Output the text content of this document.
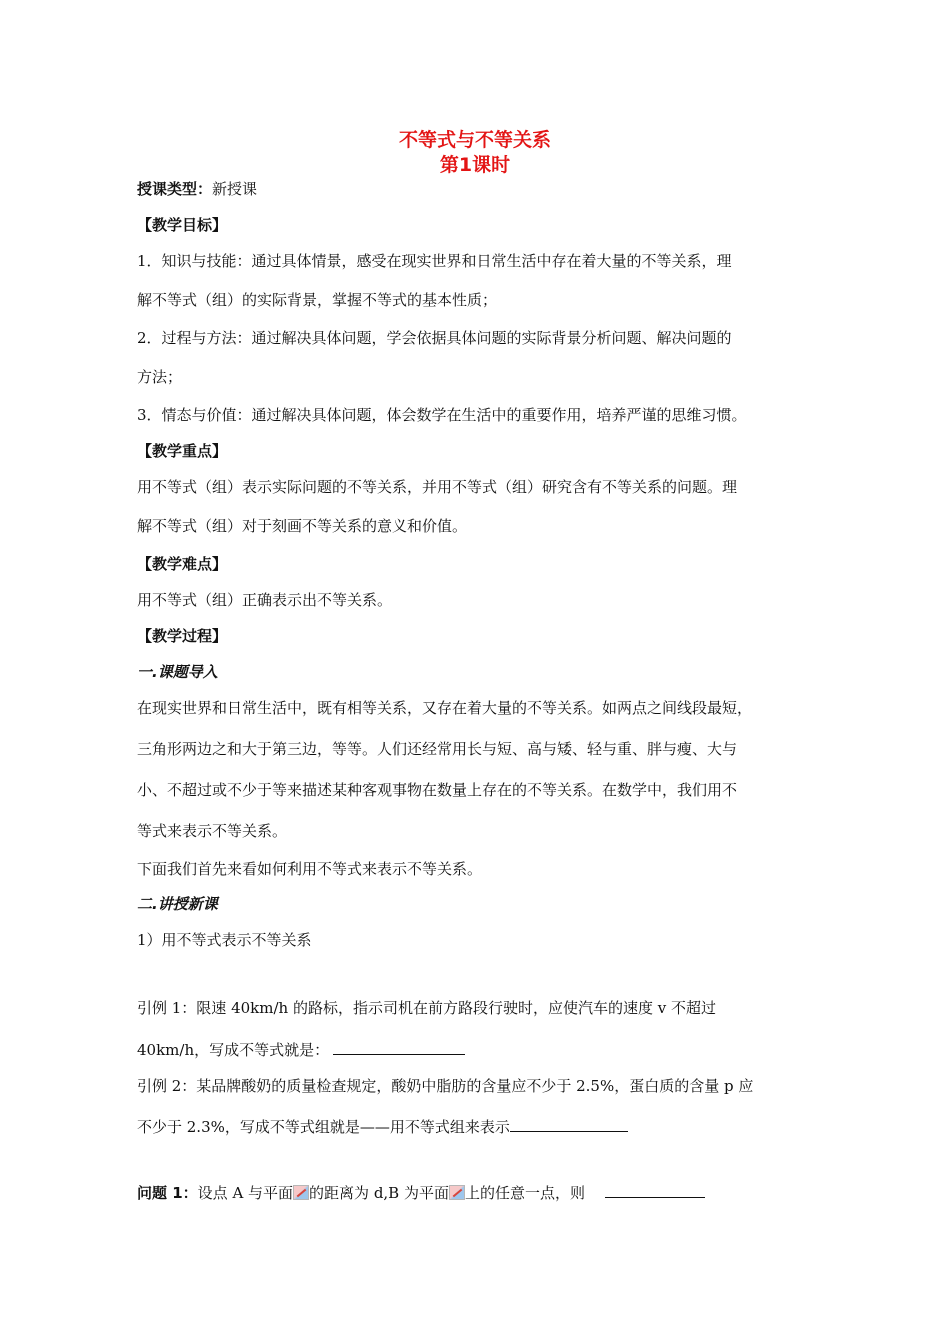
不等式与不等关系
第1课时
授课类型：新授课
【教学目标】
1．知识与技能：通过具体情景，感受在现实世界和日常生活中存在着大量的不等关系，理
解不等式（组）的实际背景，掌握不等式的基本性质；
2．过程与方法：通过解决具体问题，学会依据具体问题的实际背景分析问题、解决问题的
方法；
3．情态与价值：通过解决具体问题，体会数学在生活中的重要作用，培养严谨的思维习惯。
【教学重点】
用不等式（组）表示实际问题的不等关系，并用不等式（组）研究含有不等关系的问题。理
解不等式（组）对于刻画不等关系的意义和价值。
【教学难点】
用不等式（组）正确表示出不等关系。
【教学过程】
一.课题导入
在现实世界和日常生活中，既有相等关系，又存在着大量的不等关系。如两点之间线段最短，
三角形两边之和大于第三边，等等。人们还经常用长与短、高与矮、轻与重、胖与瘦、大与
小、不超过或不少于等来描述某种客观事物在数量上存在的不等关系。在数学中，我们用不
等式来表示不等关系。
下面我们首先来看如何利用不等式来表示不等关系。
二.讲授新课
1）用不等式表示不等关系
引例 1：限速 40km/h 的路标，指示司机在前方路段行驶时，应使汽车的速度 v 不超过
40km/h，写成不等式就是：
引例 2：某品牌酸奶的质量检查规定，酸奶中脂肪的含量应不少于 2.5%，蛋白质的含量 p 应
不少于 2.3%，写成不等式组就是——用不等式组来表示
问题 1：设点 A 与平面 的距离为 d,B 为平面 上的任意一点，则
